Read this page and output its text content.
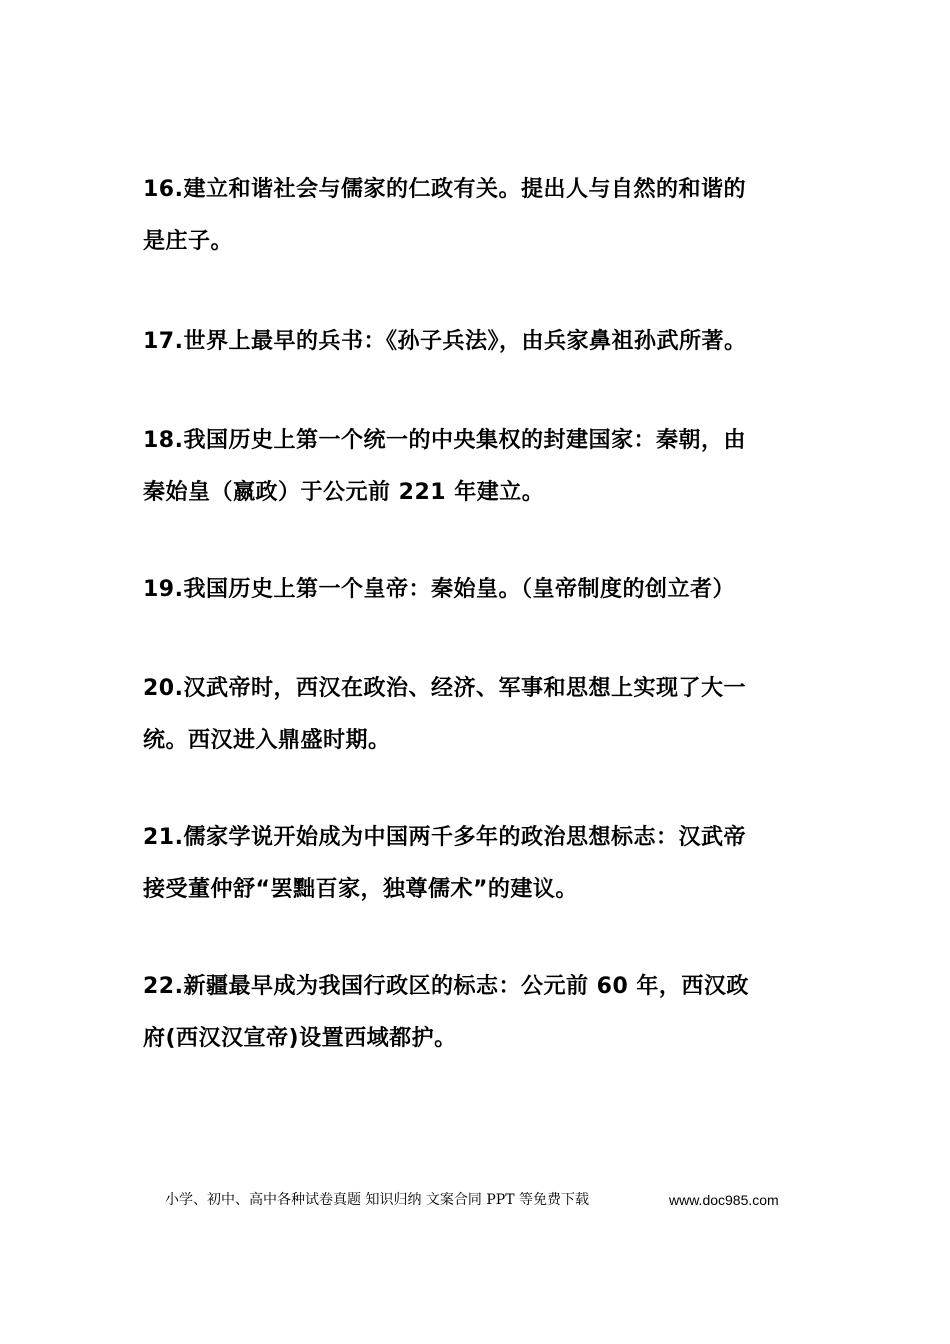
16.建立和谐社会与儒家的仁政有关。提出人与自然的和谐的
是庄子。

17.世界上最早的兵书：《孙子兵法》，由兵家鼻祖孙武所著。

18.我国历史上第一个统一的中央集权的封建国家：秦朝，由
秦始皇（嬴政）于公元前 221 年建立。

19.我国历史上第一个皇帝：秦始皇。（皇帝制度的创立者）

20.汉武帝时，西汉在政治、经济、军事和思想上实现了大一
统。西汉进入鼎盛时期。

21.儒家学说开始成为中国两千多年的政治思想标志：汉武帝
接受董仲舒“罢黜百家，独尊儒术”的建议。

22.新疆最早成为我国行政区的标志：公元前 60 年，西汉政
府(西汉汉宣帝)设置西域都护。

小学、初中、高中各种试卷真题 知识归纳 文案合同 PPT 等免费下载	www.doc985.com
